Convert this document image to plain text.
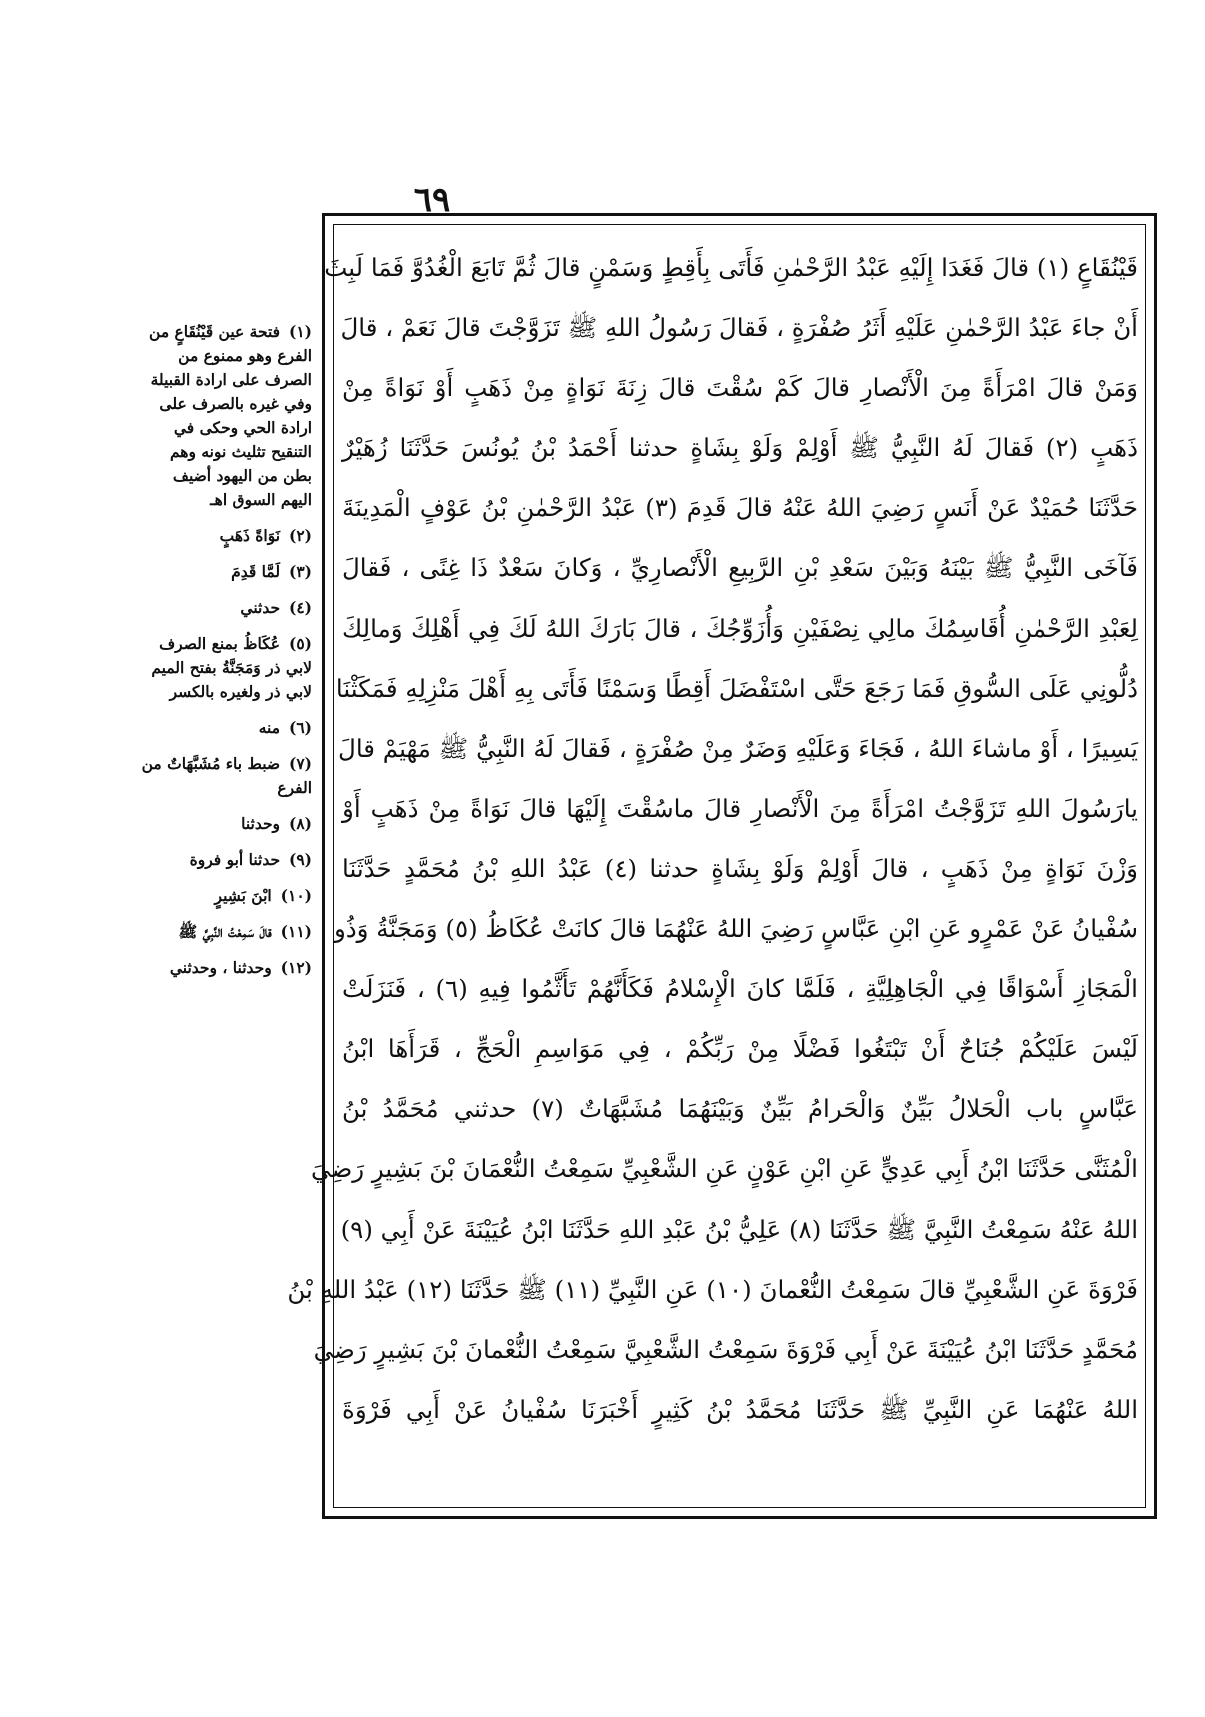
٦٩
قَيْنُقَاعٍ (١) قالَ فَغَدَا إِلَيْهِ عَبْدُ الرَّحْمٰنِ فَأَتَى بِأَقِطٍ وَسَمْنٍ قالَ ثُمَّ تَابَعَ الْغُدُوَّ فَمَا لَبِثَ
أَنْ جاءَ عَبْدُ الرَّحْمٰنِ عَلَيْهِ أَثَرُ صُفْرَةٍ ، فَقالَ رَسُولُ اللهِ ﷺ تَزَوَّجْتَ قالَ نَعَمْ ، قالَ
وَمَنْ قالَ امْرَأَةً مِنَ الْأَنْصارِ قالَ كَمْ سُقْتَ قالَ زِنَةَ نَوَاةٍ مِنْ ذَهَبٍ أَوْ نَوَاةً مِنْ
ذَهَبٍ (٢) فَقالَ لَهُ النَّبِيُّ ﷺ أَوْلِمْ وَلَوْ بِشَاةٍ حدثنا أَحْمَدُ بْنُ يُونُسَ حَدَّثَنَا زُهَيْرٌ
حَدَّثَنَا حُمَيْدٌ عَنْ أَنَسٍ رَضِيَ اللهُ عَنْهُ قالَ قَدِمَ (٣) عَبْدُ الرَّحْمٰنِ بْنُ عَوْفٍ الْمَدِينَةَ
فَآخَى النَّبِيُّ ﷺ بَيْنَهُ وَبَيْنَ سَعْدِ بْنِ الرَّبِيعِ الْأَنْصارِيِّ ، وَكانَ سَعْدٌ ذَا غِنًى ، فَقالَ
لِعَبْدِ الرَّحْمٰنِ أُقَاسِمُكَ مالِي نِصْفَيْنِ وَأُزَوِّجُكَ ، قالَ بَارَكَ اللهُ لَكَ فِي أَهْلِكَ وَمالِكَ
دُلُّونِي عَلَى السُّوقِ فَمَا رَجَعَ حَتَّى اسْتَفْضَلَ أَقِطًا وَسَمْنًا فَأَتَى بِهِ أَهْلَ مَنْزِلِهِ فَمَكَثْنَا
يَسِيرًا ، أَوْ ماشاءَ اللهُ ، فَجَاءَ وَعَلَيْهِ وَضَرٌ مِنْ صُفْرَةٍ ، فَقالَ لَهُ النَّبِيُّ ﷺ مَهْيَمْ قالَ
يارَسُولَ اللهِ تَزَوَّجْتُ امْرَأَةً مِنَ الْأَنْصارِ قالَ ماسُقْتَ إِلَيْهَا قالَ نَوَاةً مِنْ ذَهَبٍ أَوْ
وَزْنَ نَوَاةٍ مِنْ ذَهَبٍ ، قالَ أَوْلِمْ وَلَوْ بِشَاةٍ حدثنا (٤) عَبْدُ اللهِ بْنُ مُحَمَّدٍ حَدَّثَنَا
سُفْيانُ عَنْ عَمْرٍو عَنِ ابْنِ عَبَّاسٍ رَضِيَ اللهُ عَنْهُمَا قالَ كانَتْ عُكَاظُ (٥) وَمَجَنَّةُ وَذُو
الْمَجَازِ أَسْوَاقًا فِي الْجَاهِلِيَّةِ ، فَلَمَّا كانَ الْإِسْلامُ فَكَأَنَّهُمْ تَأَثَّمُوا فِيهِ (٦) ، فَنَزَلَتْ
لَيْسَ عَلَيْكُمْ جُنَاحٌ أَنْ تَبْتَغُوا فَضْلًا مِنْ رَبِّكُمْ ، فِي مَوَاسِمِ الْحَجِّ ، قَرَأَهَا ابْنُ
عَبَّاسٍ باب الْحَلالُ بَيِّنٌ وَالْحَرامُ بَيِّنٌ وَبَيْنَهُمَا مُشَبَّهَاتٌ (٧) حدثني مُحَمَّدُ بْنُ
الْمُثَنَّى حَدَّثَنَا ابْنُ أَبِي عَدِيٍّ عَنِ ابْنِ عَوْنٍ عَنِ الشَّعْبِيِّ سَمِعْتُ النُّعْمَانَ بْنَ بَشِيرٍ رَضِيَ
اللهُ عَنْهُ سَمِعْتُ النَّبِيَّ ﷺ حَدَّثَنَا (٨) عَلِيُّ بْنُ عَبْدِ اللهِ حَدَّثَنَا ابْنُ عُيَيْنَةَ عَنْ أَبِي (٩)
فَرْوَةَ عَنِ الشَّعْبِيِّ قالَ سَمِعْتُ النُّعْمانَ (١٠) عَنِ النَّبِيِّ (١١) ﷺ حَدَّثَنَا (١٢) عَبْدُ اللهِ بْنُ
مُحَمَّدٍ حَدَّثَنَا ابْنُ عُيَيْنَةَ عَنْ أَبِي فَرْوَةَ سَمِعْتُ الشَّعْبِيَّ سَمِعْتُ النُّعْمانَ بْنَ بَشِيرٍ رَضِيَ
اللهُ عَنْهُمَا عَنِ النَّبِيِّ ﷺ حَدَّثَنَا مُحَمَّدُ بْنُ كَثِيرٍ أَخْبَرَنَا سُفْيانُ عَنْ أَبِي فَرْوَةَ
(١) فتحة عين قَيْنُقَاعٍ من الفرع وهو ممنوع من الصرف على ارادة القبيلة وفي غيره بالصرف على ارادة الحي وحكى في التنقيح تثليث نونه وهم بطن من اليهود أضيف اليهم السوق اهـ
(٢) نَوَاةً ذَهَبٍ
(٣) لَمَّا قَدِمَ
(٤) حدثني
(٥) عُكَاظُ بمنع الصرف لابي ذر وَمَجَنَّةُ بفتح الميم لابي ذر ولغيره بالكسر
(٦) منه
(٧) ضبط باء مُشَبَّهَاتٌ من الفرع
(٨) وحدثنا
(٩) حدثنا أبو فروة
(١٠) ابْنَ بَشِيرٍ
(١١) قالَ سَمِعْتُ النَّبِيَّ ﷺ
(١٢) وحدثنا ، وحدثني
